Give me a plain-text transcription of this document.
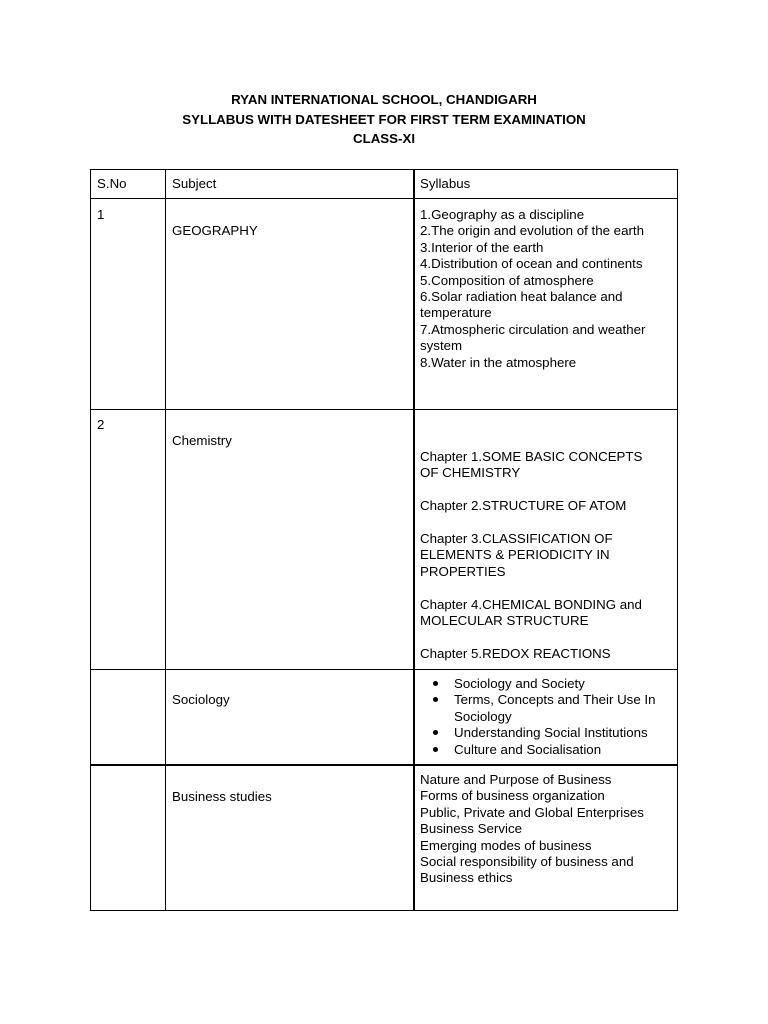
RYAN INTERNATIONAL SCHOOL, CHANDIGARH
SYLLABUS WITH DATESHEET FOR FIRST TERM EXAMINATION
CLASS-XI
S.No	Subject	Syllabus
1
GEOGRAPHY
1.Geography as a discipline
2.The origin and evolution of the earth
3.Interior of the earth
4.Distribution of ocean and continents
5.Composition of atmosphere
6.Solar radiation heat balance and temperature
7.Atmospheric circulation and weather system
8.Water in the atmosphere
2
Chemistry
Chapter 1.SOME BASIC CONCEPTS OF CHEMISTRY
Chapter 2.STRUCTURE OF ATOM
Chapter 3.CLASSIFICATION OF ELEMENTS & PERIODICITY IN PROPERTIES
Chapter 4.CHEMICAL BONDING and MOLECULAR STRUCTURE
Chapter 5.REDOX REACTIONS
Sociology
Sociology and Society
Terms, Concepts and Their Use In Sociology
Understanding Social Institutions
Culture and Socialisation
Business studies
Nature and Purpose of Business
Forms of business organization
Public, Private and Global Enterprises
Business Service
Emerging modes of business
Social responsibility of business and Business ethics
